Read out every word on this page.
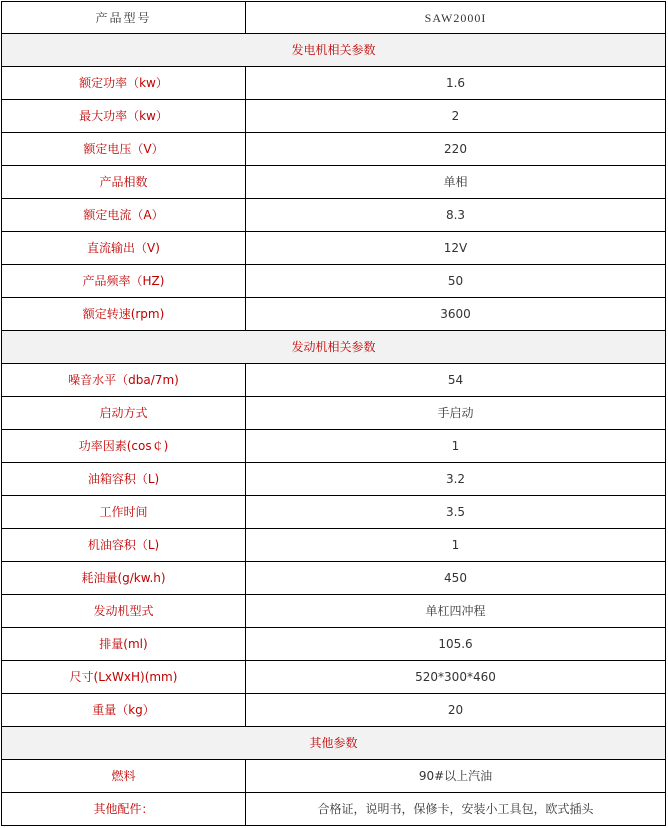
产品型号	SAW2000I
发电机相关参数	
额定功率（kw）	1.6
最大功率（kw）	2
额定电压（V）	220
产品相数	单相
额定电流（A）	8.3
直流输出（V)	12V
产品频率（HZ)	50
额定转速(rpm)	3600
发动机相关参数	
噪音水平（dba/7m)	54
启动方式	手启动
功率因素(cos￠)	1
油箱容积（L)	3.2
工作时间	3.5
机油容积（L)	1
耗油量(g/kw.h)	450
发动机型式	单杠四冲程
排量(ml)	105.6
尺寸(LxWxH)(mm)	520*300*460
重量（kg）	20
其他参数	
燃料	90#以上汽油
其他配件：	合格证，说明书，保修卡，安装小工具包，欧式插头
